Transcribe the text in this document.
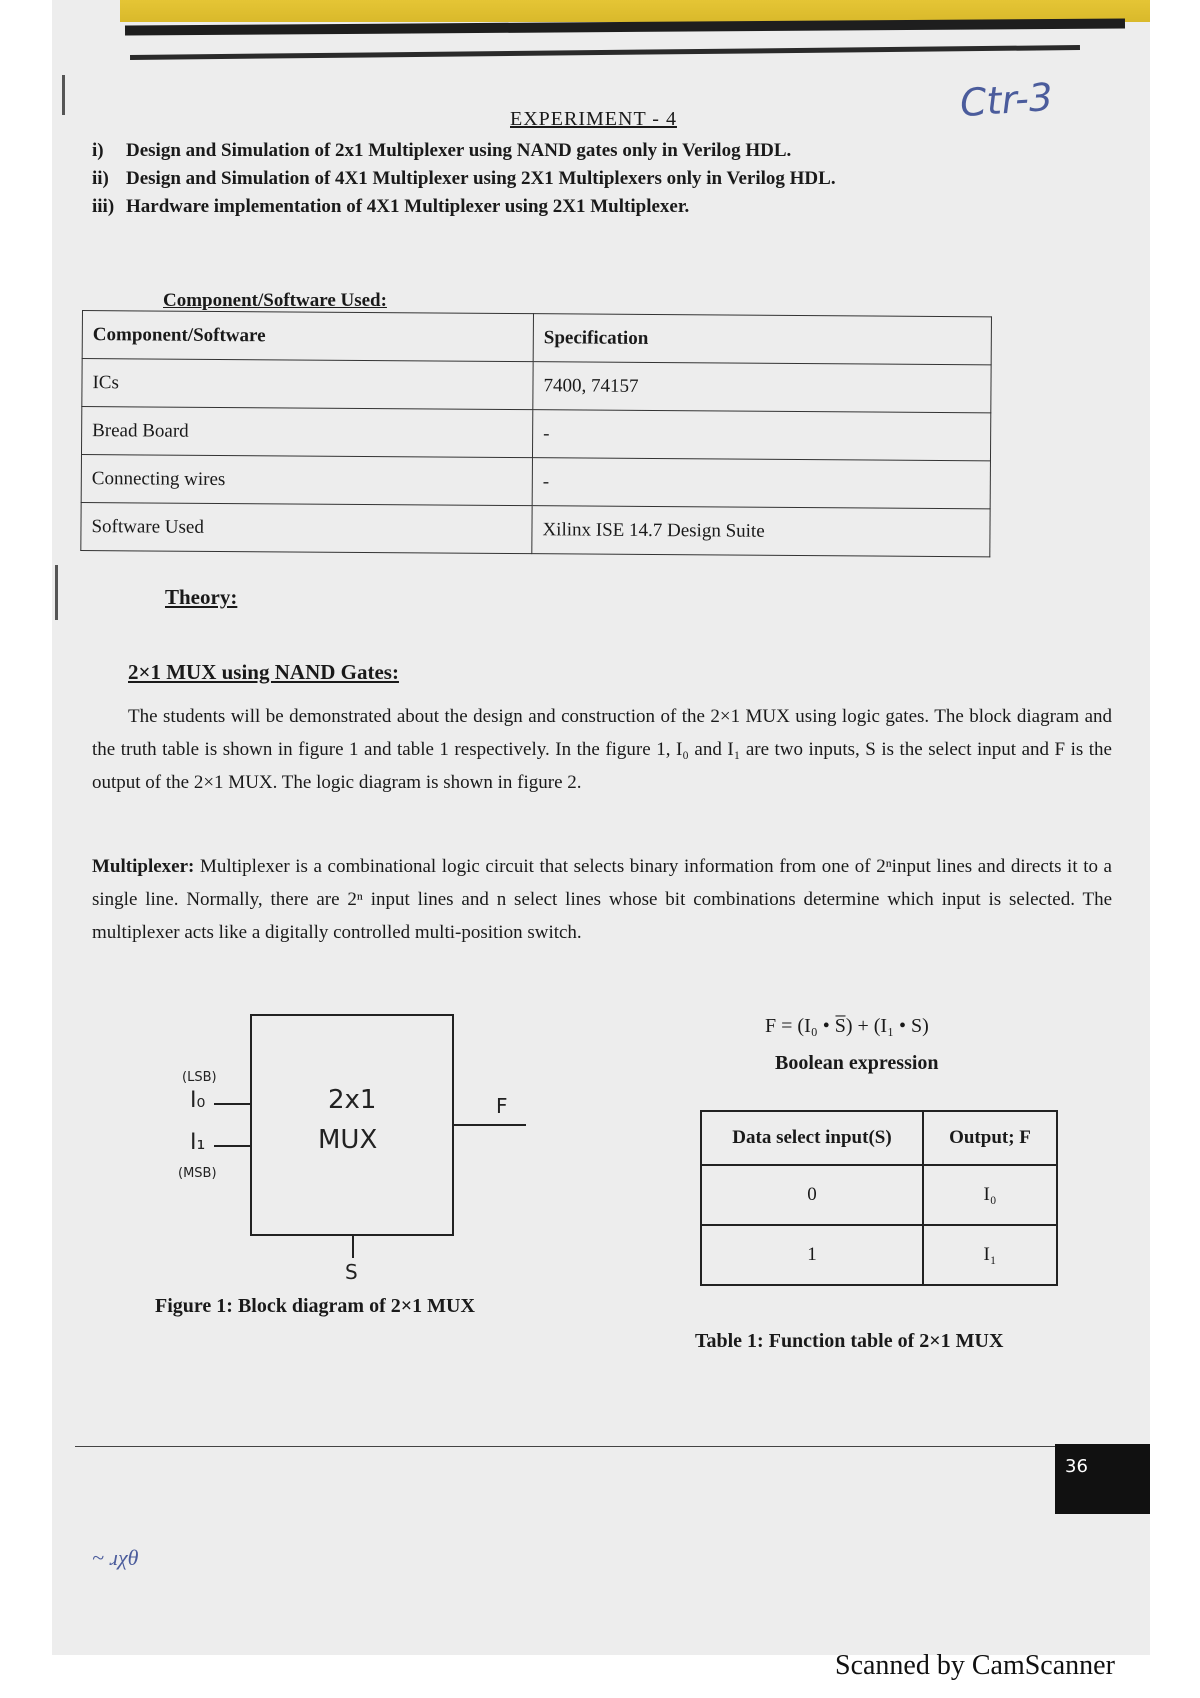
Ctr-3
EXPERIMENT - 4
i) Design and Simulation of 2x1 Multiplexer using NAND gates only in Verilog HDL.
ii) Design and Simulation of 4X1 Multiplexer using 2X1 Multiplexers only in Verilog HDL.
iii) Hardware implementation of 4X1 Multiplexer using 2X1 Multiplexer.
Component/Software Used:
Component/Software	Specification
ICs	7400, 74157
Bread Board	-
Connecting wires	-
Software Used	Xilinx ISE 14.7 Design Suite
Theory:
2×1 MUX using NAND Gates:
The students will be demonstrated about the design and construction of the 2×1 MUX using logic gates. The block diagram and the truth table is shown in figure 1 and table 1 respectively. In the figure 1, I₀ and I₁ are two inputs, S is the select input and F is the output of the 2×1 MUX. The logic diagram is shown in figure 2.
Multiplexer: Multiplexer is a combinational logic circuit that selects binary information from one of 2ⁿinput lines and directs it to a single line. Normally, there are 2ⁿ input lines and n select lines whose bit combinations determine which input is selected. The multiplexer acts like a digitally controlled multi-position switch.
2x1
MUX
(LSB)
I₀
I₁
(MSB)
F
S
Figure 1: Block diagram of 2×1 MUX
F = (I₀ • S̅) + (I₁ • S)
Boolean expression
Data select input(S)	Output; F
0	I₀
1	I₁
Table 1: Function table of 2×1 MUX
36
~ ɹχθ
Scanned by CamScanner
